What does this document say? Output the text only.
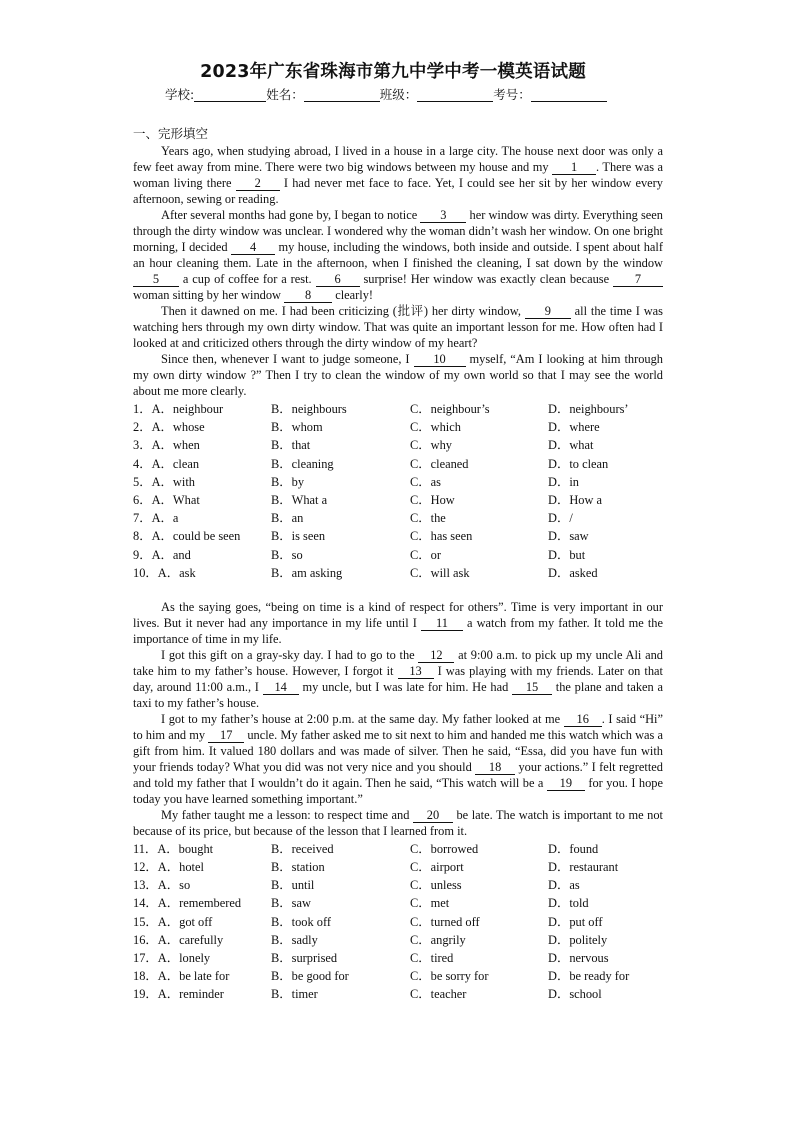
2023年广东省珠海市第九中学中考一模英语试题
学校:	姓名：	班级：	考号：
一、完形填空

Years ago, when studying abroad, I lived in a house in a large city. The house next door was only a few feet away from mine. There were two big windows between my house and my 1 . There was a woman living there 2 I had never met face to face. Yet, I could see her sit by her window every afternoon, sewing or reading.

After several months had gone by, I began to notice 3 her window was dirty. Everything seen through the dirty window was unclear. I wondered why the woman didn’t wash her window. On one bright morning, I decided 4 my house, including the windows, both inside and outside. I spent about half an hour cleaning them. Late in the afternoon, when I finished the cleaning, I sat down by the window 5 a cup of coffee for a rest. 6 surprise! Her window was exactly clean because 7 woman sitting by her window 8 clearly!

Then it dawned on me. I had been criticizing (批评) her dirty window, 9 all the time I was watching hers through my own dirty window. That was quite an important lesson for me. How often had I looked at and criticized others through the dirty window of my heart?

Since then, whenever I want to judge someone, I 10 myself, “Am I looking at him through my own dirty window ?” Then I try to clean the window of my own world so that I may see the world about me more clearly.

1．A．neighbour	B．neighbours	C．neighbour’s	D．neighbours’
2．A．whose	B．whom	C．which	D．where
3．A．when	B．that	C．why	D．what
4．A．clean	B．cleaning	C．cleaned	D．to clean
5．A．with	B．by	C．as	D．in
6．A．What	B．What a	C．How	D．How a
7．A．a	B．an	C．the	D．/
8．A．could be seen B．is seen	C．has seen	D．saw
9．A．and	B．so	C．or	D．but
10．A．ask	B．am asking	C．will ask	D．asked

As the saying goes, “being on time is a kind of respect for others”. Time is very important in our lives. But it never had any importance in my life until I 11 a watch from my father. It told me the importance of time in my life.

I got this gift on a gray-sky day. I had to go to the 12 at 9:00 a.m. to pick up my uncle Ali and take him to my father’s house. However, I forgot it 13 I was playing with my friends. Later on that day, around 11:00 a.m., I 14 my uncle, but I was late for him. He had 15 the plane and taken a taxi to my father’s house.

I got to my father’s house at 2:00 p.m. at the same day. My father looked at me 16 . I said “Hi” to him and my 17 uncle. My father asked me to sit next to him and handed me this watch which was a gift from him. It valued 180 dollars and was made of silver. Then he said, “Essa, did you have fun with your friends today? What you did was not very nice and you should 18 your actions.” I felt regretted and told my father that I wouldn’t do it again. Then he said, “This watch will be a 19 for you. I hope today you have learned something important.”

My father taught me a lesson: to respect time and 20 be late. The watch is important to me not because of its price, but because of the lesson that I learned from it.

11．A．bought	B．received	C．borrowed	D．found
12．A．hotel	B．station	C．airport	D．restaurant
13．A．so	B．until	C．unless	D．as
14．A．remembered B．saw	C．met	D．told
15．A．got off	B．took off	C．turned off	D．put off
16．A．carefully	B．sadly	C．angrily	D．politely
17．A．lonely	B．surprised	C．tired	D．nervous
18．A．be late for	B．be good for	C．be sorry for	D．be ready for
19．A．reminder	B．timer	C．teacher	D．school
